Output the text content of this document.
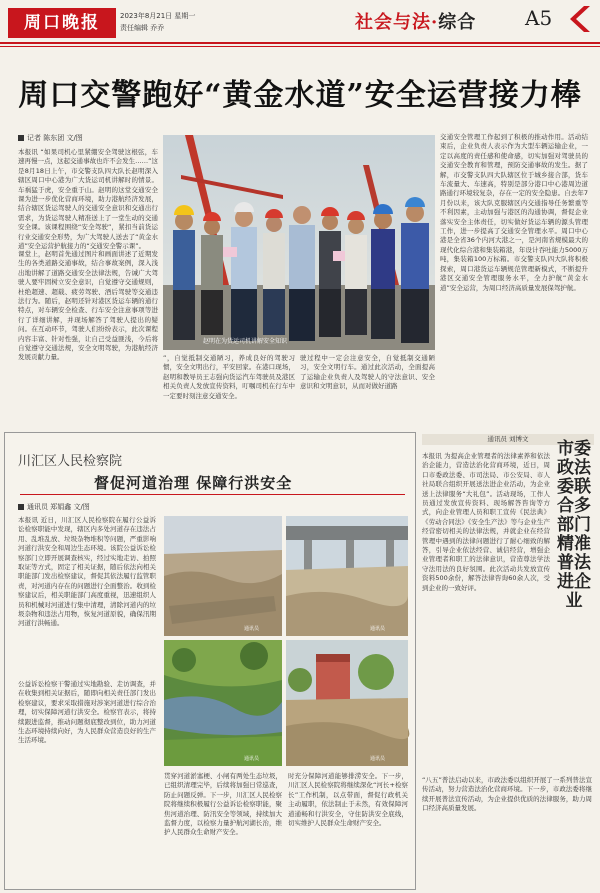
周口晚报	2023年8月21日 星期一
责任编辑 乔乔	社会与法·综合 A5
周口交警跑好“黄金水道”安全运营接力棒
记者 陈东团 文/图
本报讯 “如果司机心里紧绷安全驾驶这根弦，车速再慢一点，这起交通事故也许不会发生……”这是8月18日上午，市交警支队四大队长赵明深入辖区周口中心港为广大货运司机讲解时的情景。车祸猛于虎，安全重于山。赵明的这堂交通安全课为进一步优化营商环境，助力港航经济发展，结合辖区货运驾驶人的交通安全意识和交通出行需求，为货运驾驶人精准送上了一堂生动的交通安全课。该课程围绕“安全驾驶”，紧扣当前货运行业交通安全形势，为广大驾驶人送去了“黄金水道”安全运营护航接力的“交通安全警示课”。
课堂上，赵明首先通过图片和画面讲述了近期发生的各类道路交通事故，结合事故案例，深入浅出地讲解了道路交通安全法律法规，告诫广大驾驶人要牢固树立安全意识，自觉遵守交通规则，杜绝超速、超载、疲劳驾驶、酒后驾驶等交通违法行为。随后，赵明还针对港区货运车辆的通行特点，对车辆安全检查、行车安全注意事项等进行了详细讲解，并现场解答了驾驶人提出的疑问。在互动环节，驾驶人们纷纷表示，此次课程内容丰富、针对性强，让自己受益匪浅，今后将自觉遵守交通法规，安全文明驾驶，为港航经济发展贡献力量。
赵明在为货运司机讲解安全知识
”，自觉抵制交通陋习，养成良好的驾驶习惯，安全文明出行，平安回家。在港口现场，赵明和教导员王志强向货运汽车驾驶员及港区相关负责人发放宣传资料，叮嘱司机在行车中一定要时刻注意交通安全。
驶过程中一定会注意安全，自觉抵制交通陋习，安全文明行车。通过此次活动，全面提高了运输企业负责人及驾驶人的守法意识、安全意识和文明意识，从而对做好道路
交通安全管理工作起到了积极的推动作用。活动结束后，企业负责人表示作为大型车辆运输企业，一定以高度的责任感和使命感，切实加强对驾驶员的交通安全教育和管理，预防交通事故的发生。据了解，市交警支队四大队辖区位于城乡接合部，货车车流量大、车速高，特别是部分港口中心港周边道路通行环境较复杂，存在一定的安全隐患。自去年7月份以来，该大队克服辖区内交通指导任务繁重等不利因素，主动加强与港区的沟通协调，督促企业落实安全主体责任，切实做好货运车辆的源头管理工作，进一步提高了交通安全管理水平。周口中心港是全省36个内河大港之一，是河南省规模最大的现代化综合港和集装箱港，年设计吞吐能力5000万吨，集装箱100万标箱。市交警支队四大队将积极探索，周口港货运车辆规范管理新模式，不断提升港区交通安全管理服务水平，全力护航“黄金水道”安全运营，为周口经济高质量发展保驾护航。
川汇区人民检察院
督促河道治理 保障行洪安全
通讯员 郑娟鑫 文/图
本报讯 近日，川汇区人民检察院在履行公益诉讼检察职能中发现，辖区内多处河道存在违法占用、乱堆乱放、垃圾杂物堆积等问题，严重影响河道行洪安全和周边生态环境。该院公益诉讼检察部门立即开展调查核实，经过实地走访、拍照取证等方式，固定了相关证据，随后依法向相关职能部门发出检察建议，督促其依法履行监管职责，对河道内存在的问题进行全面整治。收到检察建议后，相关职能部门高度重视，迅速组织人员和机械对河道进行集中清理，清除河道内的垃圾杂物和违法占用物，恢复河道原貌，确保汛期河道行洪畅通。
公益诉讼检察干警通过实地勘验、走访调查，并在收集到相关证据后，随即向相关责任部门发出检察建议，要求采取措施对涉案河道进行综合治理，切实保障河道行洪安全。检察官表示，将持续跟进监督，推动问题彻底整改到位，助力河道生态环境持续向好，为人民群众营造良好的生产生活环境。
通讯员	通讯员
通讯员	通讯员
贯穿河道淤塞梗、小闸有两处生态垃圾，已组织清理完毕，后续将加强日常巡查，防止问题反弹。下一步，川汇区人民检察院将继续积极履行公益诉讼检察职能，聚焦河道治理、防汛安全等领域，持续加大监督力度，以检察力量护航河湖长治，维护人民群众生命财产安全。
时充分保障河道能够排涝安全。下一步，川汇区人民检察院将继续深化“河长+检察长”工作机制，以点带面，督促行政机关主动履职，依法制止于未然，有效保障河道通畅和行洪安全，守住防洪安全底线，切实维护人民群众生命财产安全。
通讯员 刘博文	市委政法委联合多部门精准普法进企业
本报讯 为提高企业管理者的法律素养和依法治企能力，营造法治化营商环境，近日，周口市委政法委、市司法局、市公安局、市人社局联合组织开展送法进企业活动，为企业送上法律服务“大礼包”。活动现场，工作人员通过发放宣传资料、现场解答咨询等方式，向企业管理人员和职工宣传《民法典》《劳动合同法》《安全生产法》等与企业生产经营密切相关的法律法规，并就企业在经营管理中遇到的法律问题进行了耐心细致的解答，引导企业依法经营、诚信经营，增强企业管理者和职工的法律意识，营造尊法学法守法用法的良好氛围。此次活动共发放宣传资料500余份，解答法律咨询60余人次，受到企业的一致好评。
“八五”普法启动以来，市政法委以组织开展了一系列普法宣传活动，努力营造法治化营商环境。下一步，市政法委将继续开展普法宣传活动，为企业提供优质的法律服务，助力周口经济高质量发展。
